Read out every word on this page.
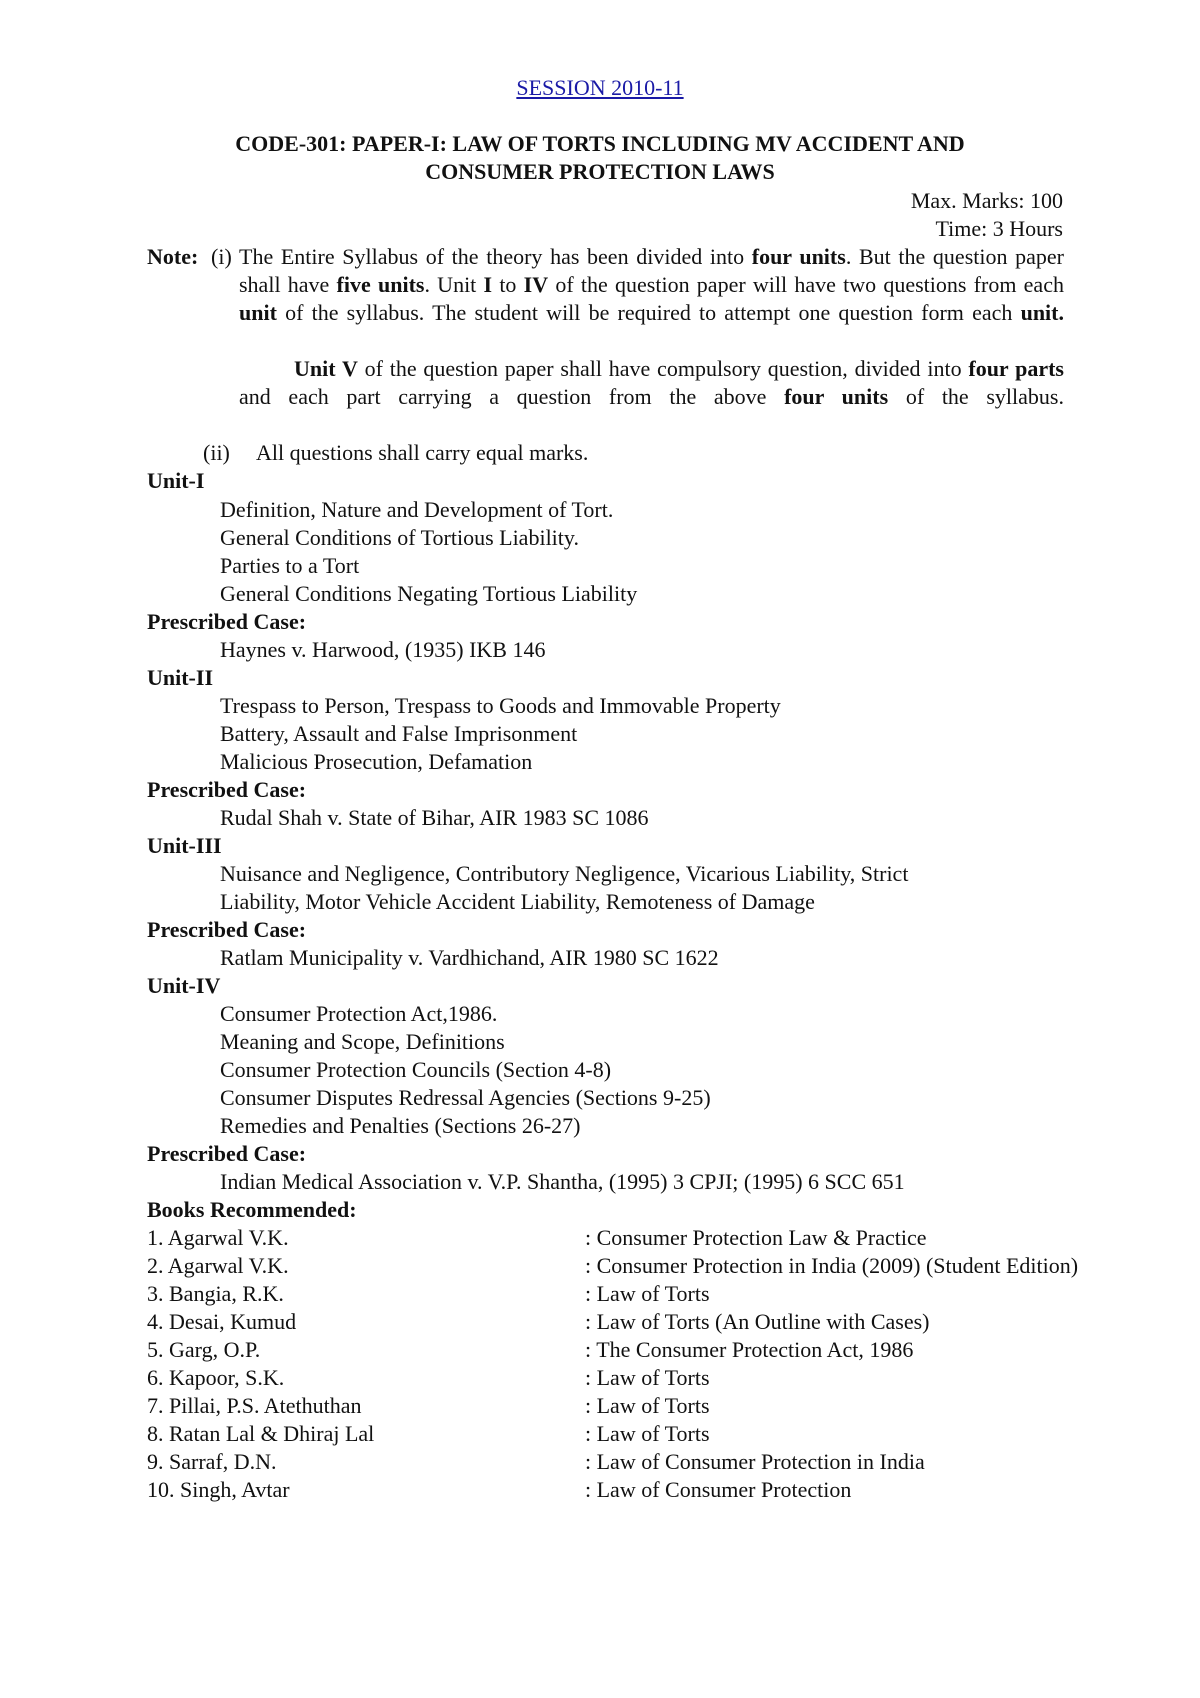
SESSION 2010-11
CODE-301: PAPER-I: LAW OF TORTS INCLUDING MV ACCIDENT AND
CONSUMER PROTECTION LAWS
Max. Marks: 100
Time: 3 Hours
Note: (i) The Entire Syllabus of the theory has been divided into four units. But the question paper shall have five units. Unit I to IV of the question paper will have two questions from each unit of the syllabus. The student will be required to attempt one question form each unit.
Unit V of the question paper shall have compulsory question, divided into four parts and each part carrying a question from the above four units of the syllabus.
(ii) All questions shall carry equal marks.
Unit-I
Definition, Nature and Development of Tort.
General Conditions of Tortious Liability.
Parties to a Tort
General Conditions Negating Tortious Liability
Prescribed Case:
Haynes v. Harwood, (1935) IKB 146
Unit-II
Trespass to Person, Trespass to Goods and Immovable Property
Battery, Assault and False Imprisonment
Malicious Prosecution, Defamation
Prescribed Case:
Rudal Shah v. State of Bihar, AIR 1983 SC 1086
Unit-III
Nuisance and Negligence, Contributory Negligence, Vicarious Liability, Strict
Liability, Motor Vehicle Accident Liability, Remoteness of Damage
Prescribed Case:
Ratlam Municipality v. Vardhichand, AIR 1980 SC 1622
Unit-IV
Consumer Protection Act,1986.
Meaning and Scope, Definitions
Consumer Protection Councils (Section 4-8)
Consumer Disputes Redressal Agencies (Sections 9-25)
Remedies and Penalties (Sections 26-27)
Prescribed Case:
Indian Medical Association v. V.P. Shantha, (1995) 3 CPJI; (1995) 6 SCC 651
Books Recommended:
1. Agarwal V.K.	: Consumer Protection Law & Practice
2. Agarwal V.K.	: Consumer Protection in India (2009) (Student Edition)
3. Bangia, R.K.	: Law of Torts
4. Desai, Kumud	: Law of Torts (An Outline with Cases)
5. Garg, O.P.	: The Consumer Protection Act, 1986
6. Kapoor, S.K.	: Law of Torts
7. Pillai, P.S. Atethuthan	: Law of Torts
8. Ratan Lal & Dhiraj Lal	: Law of Torts
9. Sarraf, D.N.	: Law of Consumer Protection in India
10. Singh, Avtar	: Law of Consumer Protection
